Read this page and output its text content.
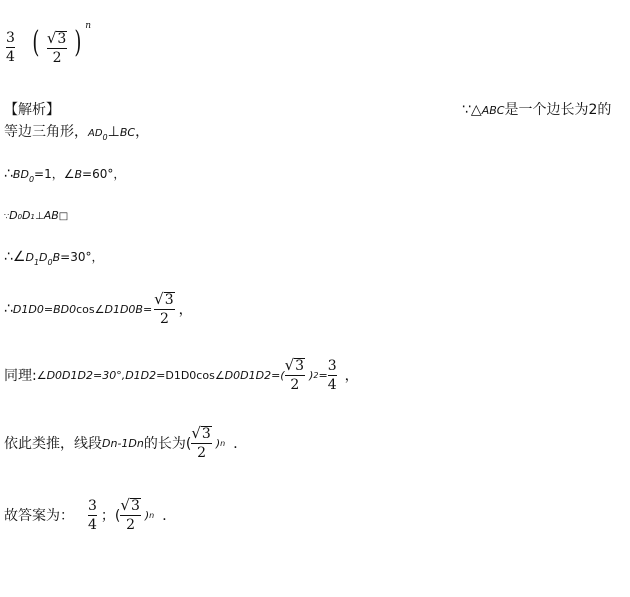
$\frac{3}{4}$ ( $\frac{√ 3}{2}$ ) $^n$
【解析】	∵△ABC是一个边长为2的
等边三角形，$AD_0\perp BC$，
$\therefore BD_0=1$，∠B=60°，
∵D0D1⊥AB□
$\therefore\angle D_1D_0B=30^\circ$，
∴ D1D0=BD0 cos ∠D1D0B= $\frac{√ 3}{2}$ ，
同理: ∠D0D1D2=30°, D1D2= D1D0 cos ∠D0D1D2=( $\frac{√ 3}{2}$ ) $2 = \frac{3}{4}$ ，
依此类推，线段 Dn-1Dn 的长为( $\frac{√ 3}{2}$ ) n ．
故答案为： $\frac{3}{4}$ ；( $\frac{√ 3}{2}$ ) n ．
